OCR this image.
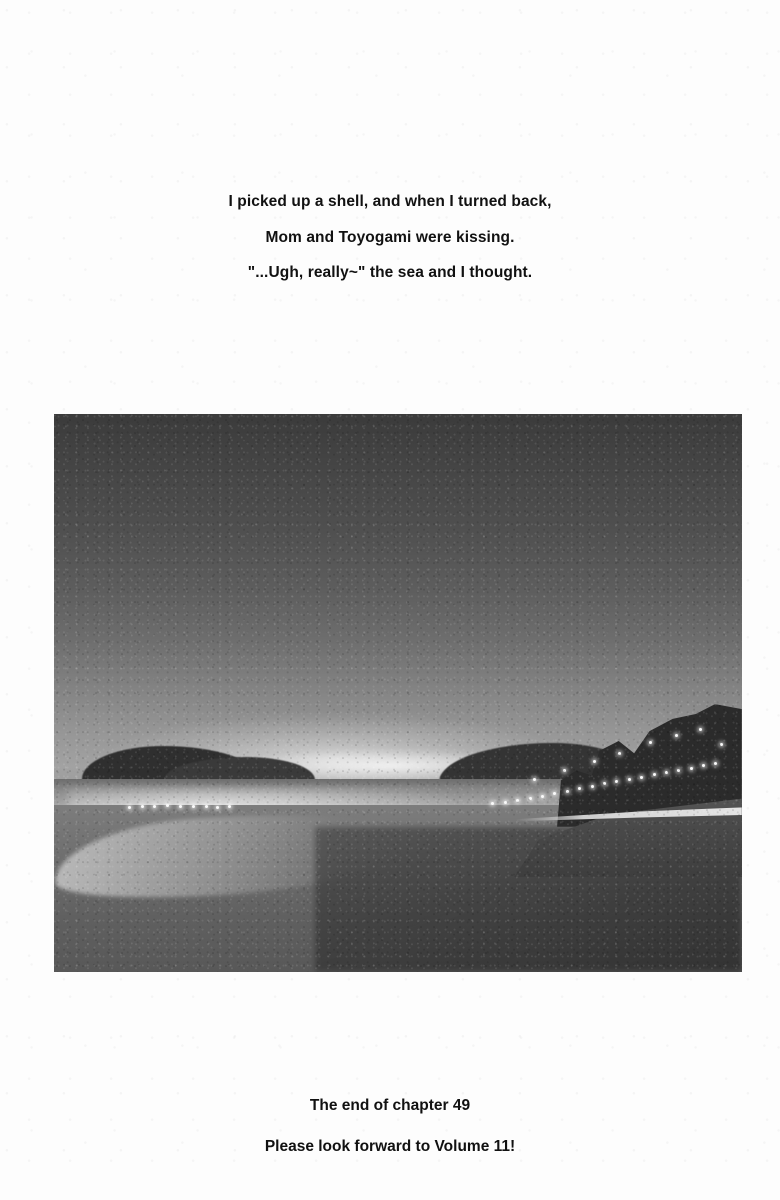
I picked up a shell, and when I turned back,
Mom and Toyogami were kissing.
"...Ugh, really~" the sea and I thought.
The end of chapter 49
Please look forward to Volume 11!
